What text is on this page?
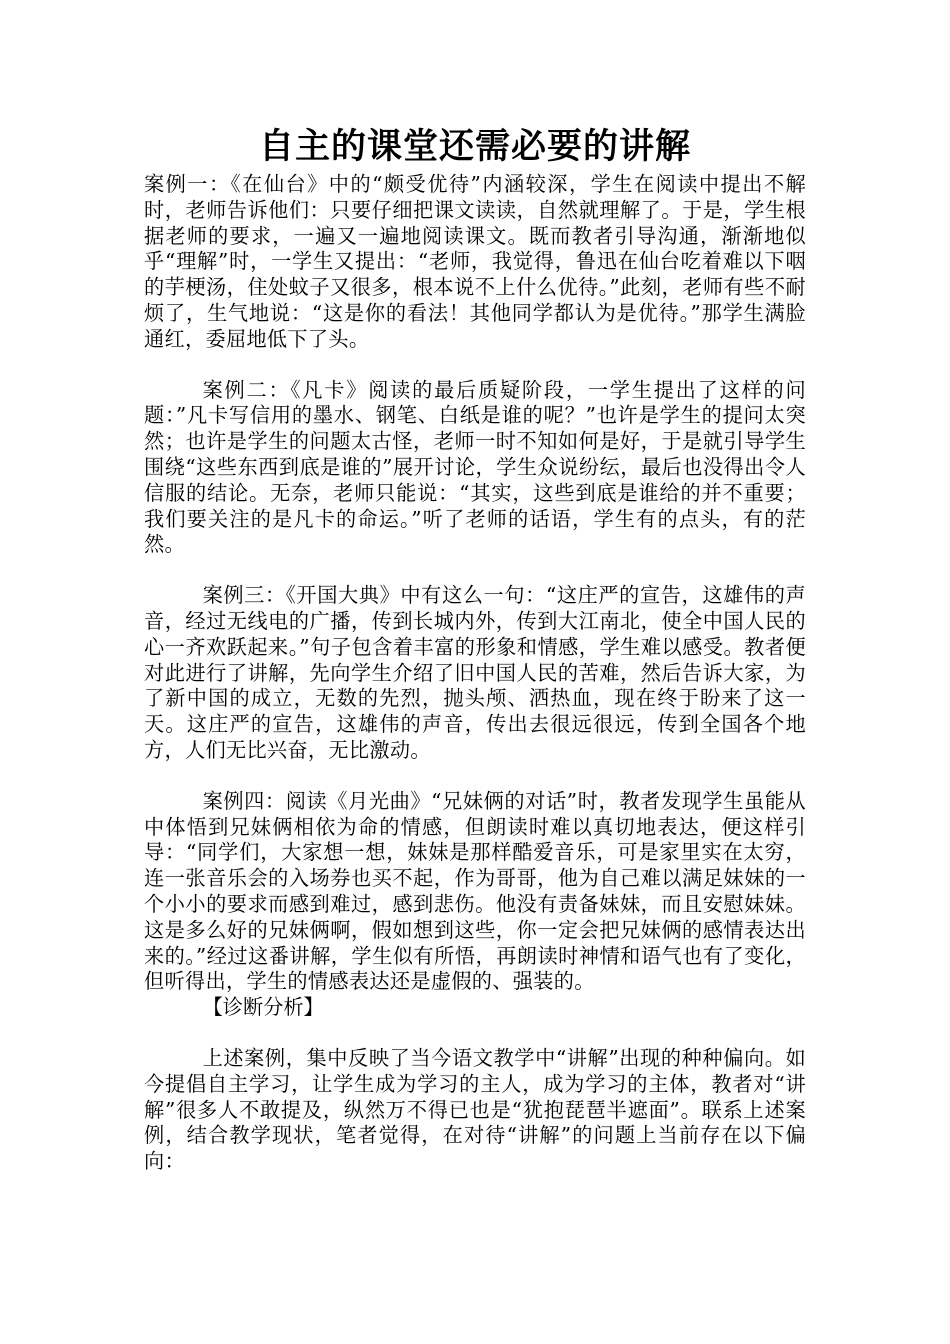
自主的课堂还需必要的讲解

案例一：《在仙台》中的“颇受优待”内涵较深，学生在阅读中提出不解时，老师告诉他们：只要仔细把课文读读，自然就理解了。于是，学生根据老师的要求，一遍又一遍地阅读课文。既而教者引导沟通，渐渐地似乎“理解”时，一学生又提出：“老师，我觉得，鲁迅在仙台吃着难以下咽的芋梗汤，住处蚊子又很多，根本说不上什么优待。”此刻，老师有些不耐烦了，生气地说：“这是你的看法！其他同学都认为是优待。”那学生满脸通红，委屈地低下了头。

案例二：《凡卡》阅读的最后质疑阶段，一学生提出了这样的问题：”凡卡写信用的墨水、钢笔、白纸是谁的呢？”也许是学生的提问太突然；也许是学生的问题太古怪，老师一时不知如何是好，于是就引导学生围绕“这些东西到底是谁的”展开讨论，学生众说纷纭，最后也没得出令人信服的结论。无奈，老师只能说：“其实，这些到底是谁给的并不重要；我们要关注的是凡卡的命运。”听了老师的话语，学生有的点头，有的茫然。

案例三：《开国大典》中有这么一句：“这庄严的宣告，这雄伟的声音，经过无线电的广播，传到长城内外，传到大江南北，使全中国人民的心一齐欢跃起来。”句子包含着丰富的形象和情感，学生难以感受。教者便对此进行了讲解，先向学生介绍了旧中国人民的苦难，然后告诉大家，为了新中国的成立，无数的先烈，抛头颅、洒热血，现在终于盼来了这一天。这庄严的宣告，这雄伟的声音，传出去很远很远，传到全国各个地方，人们无比兴奋，无比激动。

案例四：阅读《月光曲》“兄妹俩的对话”时，教者发现学生虽能从中体悟到兄妹俩相依为命的情感，但朗读时难以真切地表达，便这样引导：“同学们，大家想一想，妹妹是那样酷爱音乐，可是家里实在太穷，连一张音乐会的入场券也买不起，作为哥哥，他为自己难以满足妹妹的一个小小的要求而感到难过，感到悲伤。他没有责备妹妹，而且安慰妹妹。这是多么好的兄妹俩啊，假如想到这些，你一定会把兄妹俩的感情表达出来的。”经过这番讲解，学生似有所悟，再朗读时神情和语气也有了变化，但听得出，学生的情感表达还是虚假的、强装的。

【诊断分析】

上述案例，集中反映了当今语文教学中“讲解”出现的种种偏向。如今提倡自主学习，让学生成为学习的主人，成为学习的主体，教者对“讲解”很多人不敢提及，纵然万不得已也是“犹抱琵琶半遮面”。联系上述案例，结合教学现状，笔者觉得，在对待“讲解”的问题上当前存在以下偏向：
